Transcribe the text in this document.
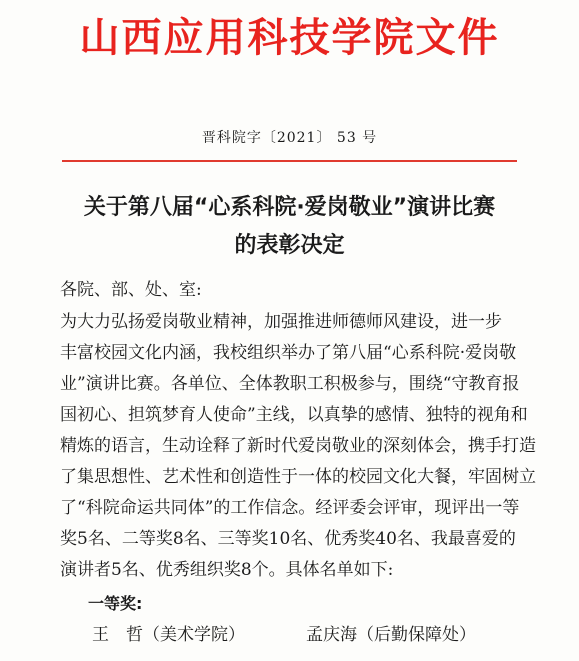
山西应用科技学院文件
晋科院字〔2021〕 53 号
关于第八届“心系科院·爱岗敬业”演讲比赛
的表彰决定
各院、部、处、室:
为大力弘扬爱岗敬业精神，加强推进师德师风建设，进一步
丰富校园文化内涵，我校组织举办了第八届“心系科院·爱岗敬
业”演讲比赛。各单位、全体教职工积极参与，围绕“守教育报
国初心、担筑梦育人使命”主线，以真挚的感情、独特的视角和
精炼的语言，生动诠释了新时代爱岗敬业的深刻体会，携手打造
了集思想性、艺术性和创造性于一体的校园文化大餐，牢固树立
了“科院命运共同体”的工作信念。经评委会评审，现评出一等
奖5名、二等奖8名、三等奖10名、优秀奖40名、我最喜爱的
演讲者5名、优秀组织奖8个。具体名单如下:
一等奖:
王　哲（美术学院）	孟庆海（后勤保障处）
